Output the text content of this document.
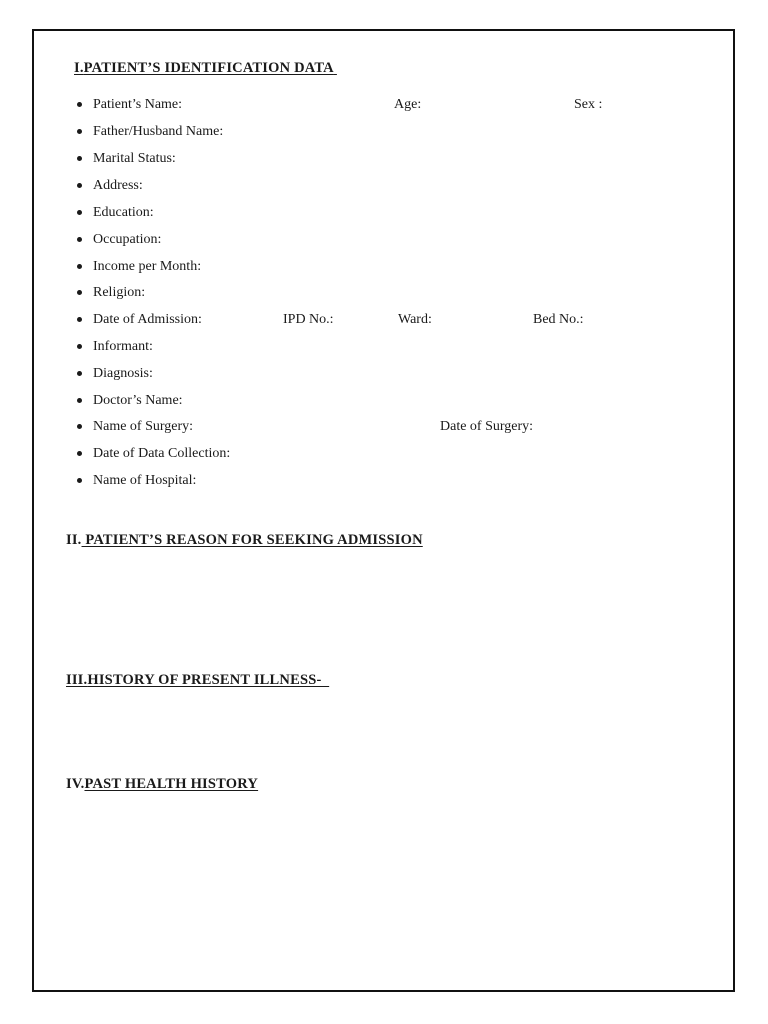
I.PATIENT’S IDENTIFICATION DATA
Patient’s Name:	Age:	Sex :
Father/Husband Name:
Marital Status:
Address:
Education:
Occupation:
Income per Month:
Religion:
Date of Admission:	IPD No.:	Ward:	Bed No.:
Informant:
Diagnosis:
Doctor’s Name:
Name of Surgery:	Date of Surgery:
Date of Data Collection:
Name of Hospital:
II. PATIENT’S REASON FOR SEEKING ADMISSION
III.HISTORY OF PRESENT ILLNESS-
IV.PAST HEALTH HISTORY
